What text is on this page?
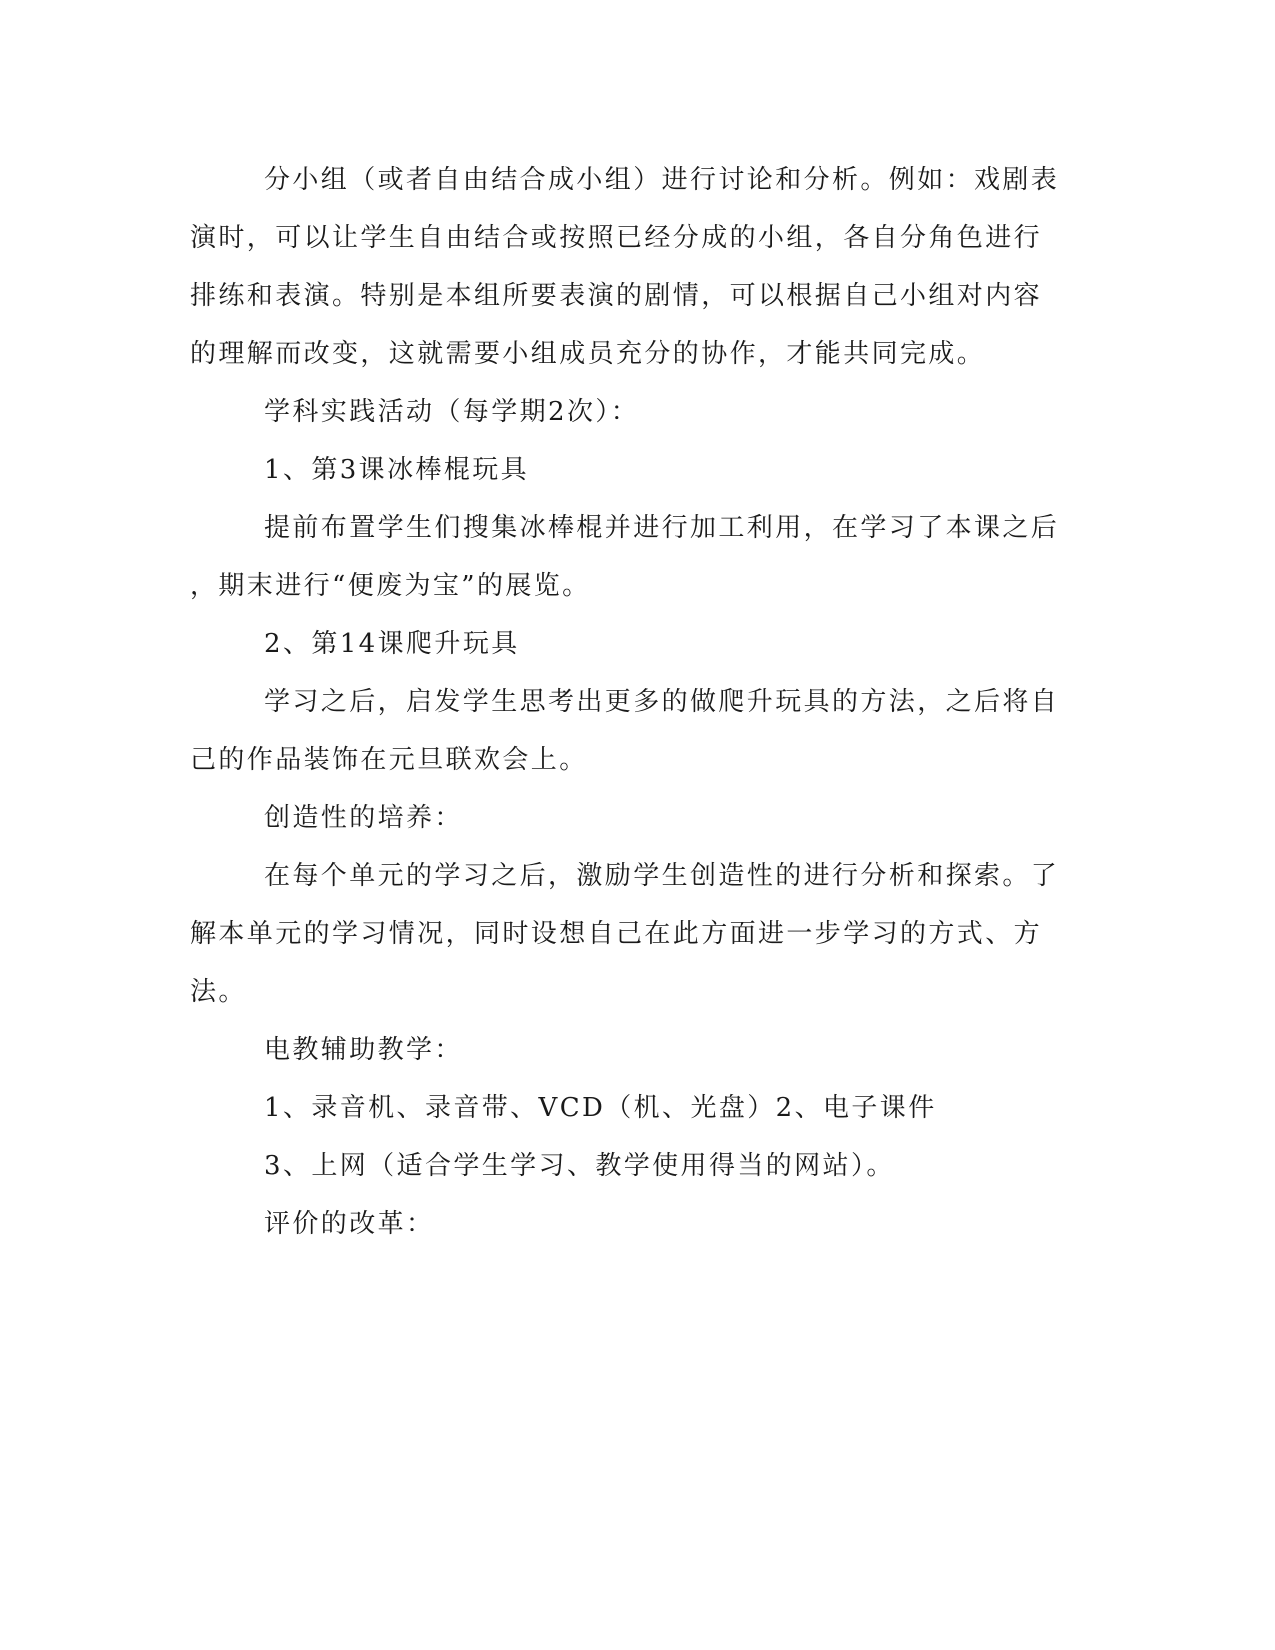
分小组（或者自由结合成小组）进行讨论和分析。例如：戏剧表
演时，可以让学生自由结合或按照已经分成的小组，各自分角色进行
排练和表演。特别是本组所要表演的剧情，可以根据自己小组对内容
的理解而改变，这就需要小组成员充分的协作，才能共同完成。
学科实践活动（每学期2次）：
1、第3课冰棒棍玩具
提前布置学生们搜集冰棒棍并进行加工利用，在学习了本课之后
，期末进行“便废为宝”的展览。
2、第14课爬升玩具
学习之后，启发学生思考出更多的做爬升玩具的方法，之后将自
己的作品装饰在元旦联欢会上。
创造性的培养：
在每个单元的学习之后，激励学生创造性的进行分析和探索。了
解本单元的学习情况，同时设想自己在此方面进一步学习的方式、方
法。
电教辅助教学：
1、录音机、录音带、VCD（机、光盘）2、电子课件
3、上网（适合学生学习、教学使用得当的网站）。
评价的改革：
